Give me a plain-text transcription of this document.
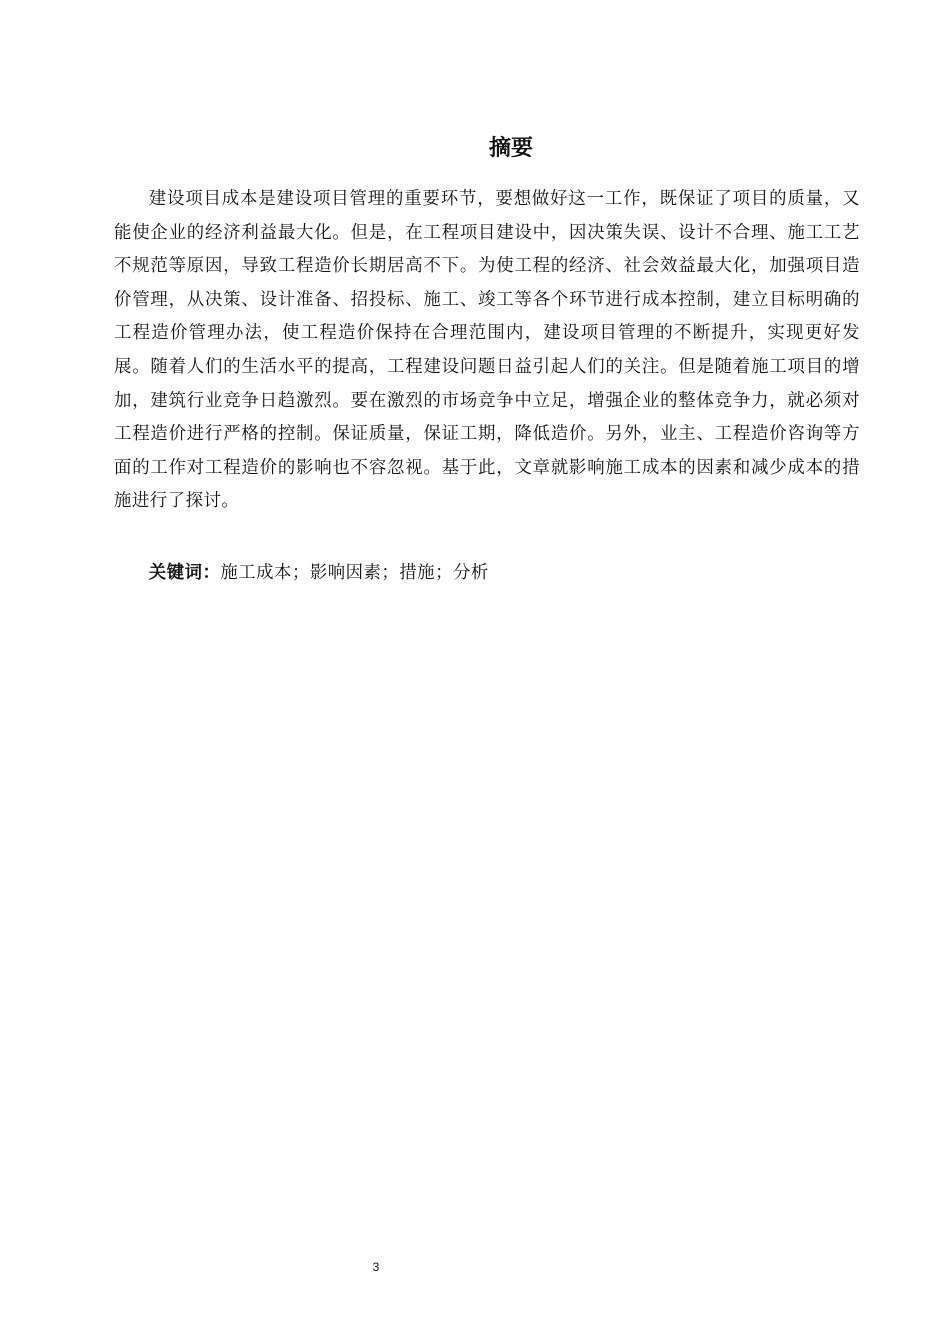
摘要

建设项目成本是建设项目管理的重要环节，要想做好这一工作，既保证了项目的质量，又能使企业的经济利益最大化。但是，在工程项目建设中，因决策失误、设计不合理、施工工艺不规范等原因，导致工程造价长期居高不下。为使工程的经济、社会效益最大化，加强项目造价管理，从决策、设计准备、招投标、施工、竣工等各个环节进行成本控制，建立目标明确的工程造价管理办法，使工程造价保持在合理范围内，建设项目管理的不断提升，实现更好发展。随着人们的生活水平的提高，工程建设问题日益引起人们的关注。但是随着施工项目的增加，建筑行业竞争日趋激烈。要在激烈的市场竞争中立足，增强企业的整体竞争力，就必须对工程造价进行严格的控制。保证质量，保证工期，降低造价。另外，业主、工程造价咨询等方面的工作对工程造价的影响也不容忽视。基于此，文章就影响施工成本的因素和减少成本的措施进行了探讨。

关键词：施工成本；影响因素；措施；分析

3
